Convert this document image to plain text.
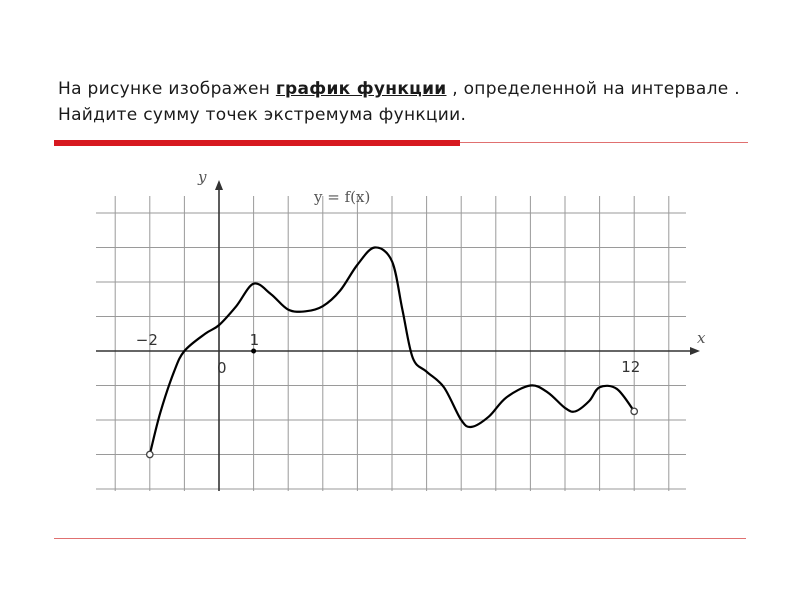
На рисунке изображен график функции , определенной на интервале . Найдите сумму точек экстремума функции.
x
y
y = f(x)
−2	1
0	12
